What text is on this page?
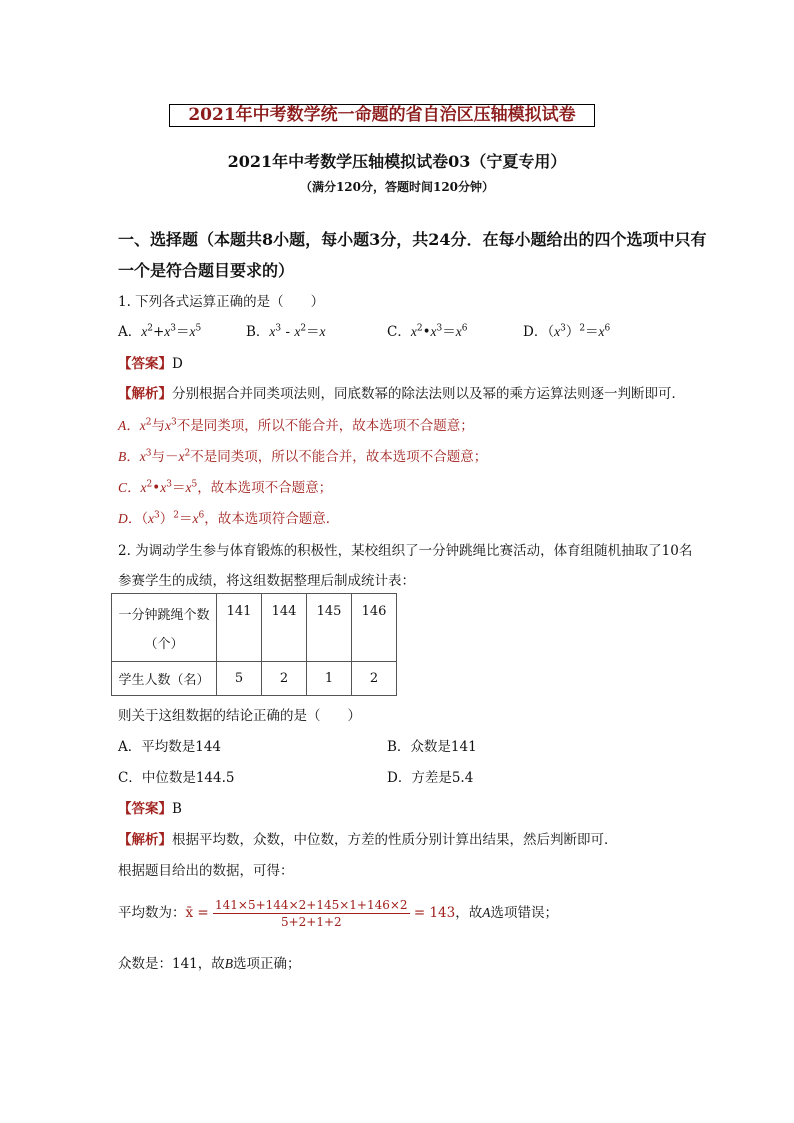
2021年中考数学统一命题的省自治区压轴模拟试卷
2021年中考数学压轴模拟试卷03（宁夏专用）
（满分120分，答题时间120分钟）
一、选择题（本题共8小题，每小题3分，共24分．在每小题给出的四个选项中只有
一个是符合题目要求的）
1. 下列各式运算正确的是（　　）
A．$x^2+x^3=x^5$	B．$x^3 - x^2=x$	C．$x^2•x^3=x^6$	D．$(x^3)^2=x^6$
【答案】D
【解析】分别根据合并同类项法则，同底数幂的除法法则以及幂的乘方运算法则逐一判断即可．
A．$x^2$与$x^3$不是同类项，所以不能合并，故本选项不合题意；
B．$x^3$与$-x^2$不是同类项，所以不能合并，故本选项不合题意；
C．$x^2•x^3=x^5$，故本选项不合题意；
D．$(x^3)^2=x^6$，故本选项符合题意．
2. 为调动学生参与体育锻炼的积极性，某校组织了一分钟跳绳比赛活动，体育组随机抽取了10名
参赛学生的成绩，将这组数据整理后制成统计表：
一分钟跳绳个数
（个）	141	144	145	146
学生人数（名）	5	2	1	2
则关于这组数据的结论正确的是（　　）
A．平均数是144	B．众数是141
C．中位数是144.5	D．方差是5.4
【答案】B
【解析】根据平均数，众数，中位数，方差的性质分别计算出结果，然后判断即可．
根据题目给出的数据，可得：
平均数为：x̄ = $\frac{141\times 5+144\times 2+145\times 1+146\times 2}{5+2+1+2} = 143$，故A选项错误；
众数是：141，故B选项正确；
